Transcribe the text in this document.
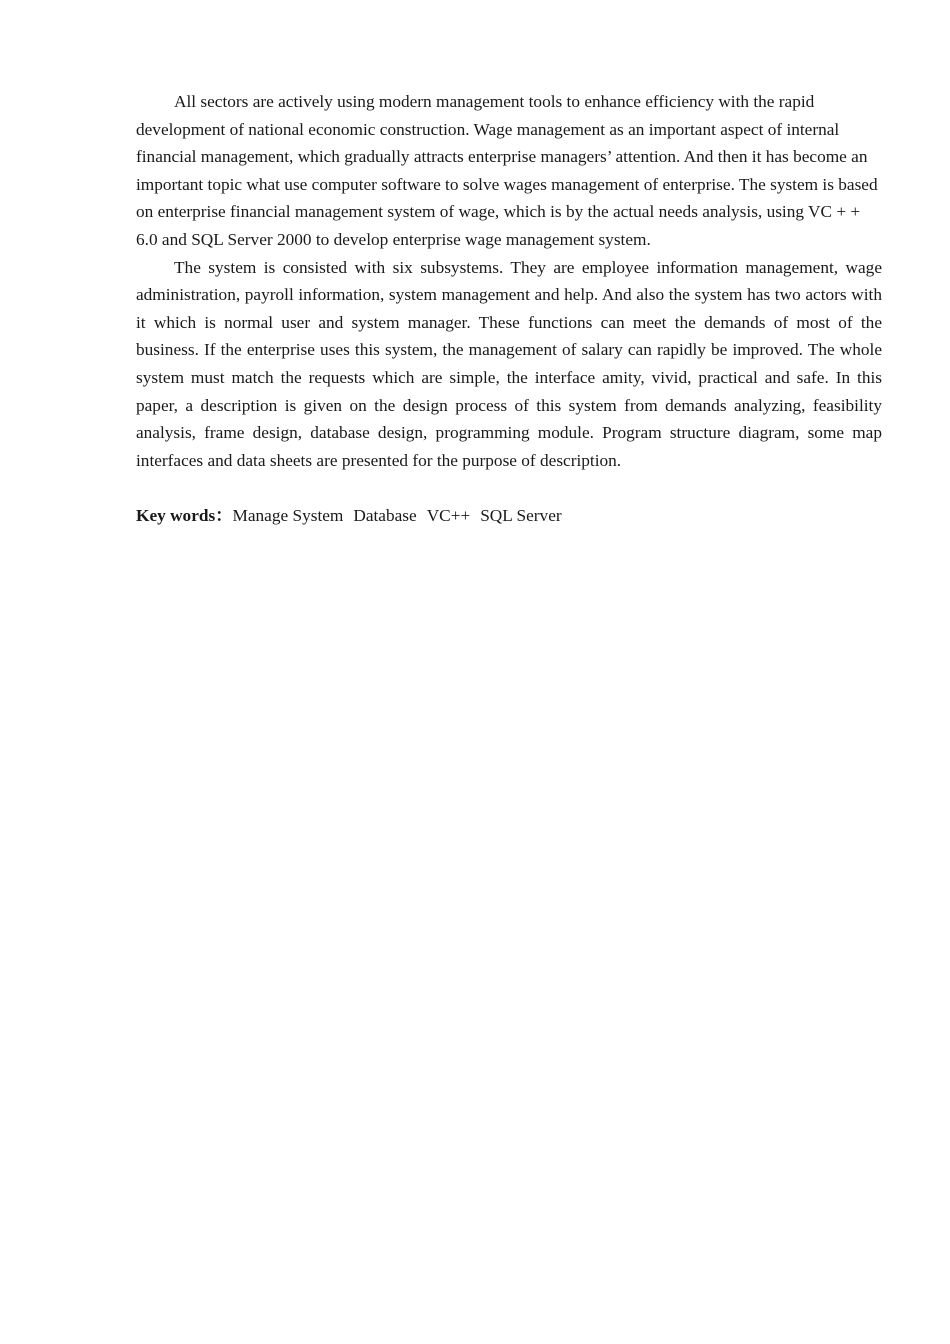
All sectors are actively using modern management tools to enhance efficiency with the rapid development of national economic construction. Wage management as an important aspect of internal financial management, which gradually attracts enterprise managers’ attention. And then it has become an important topic what use computer software to solve wages management of enterprise. The system is based on enterprise financial management system of wage, which is by the actual needs analysis, using VC + + 6.0 and SQL Server 2000 to develop enterprise wage management system.

The system is consisted with six subsystems. They are employee information management, wage administration, payroll information, system management and help. And also the system has two actors with it which is normal user and system manager. These functions can meet the demands of most of the business. If the enterprise uses this system, the management of salary can rapidly be improved. The whole system must match the requests which are simple, the interface amity, vivid, practical and safe. In this paper, a description is given on the design process of this system from demands analyzing, feasibility analysis, frame design, database design, programming module. Program structure diagram, some map interfaces and data sheets are presented for the purpose of description.

Key words：Manage System Database VC++ SQL Server
